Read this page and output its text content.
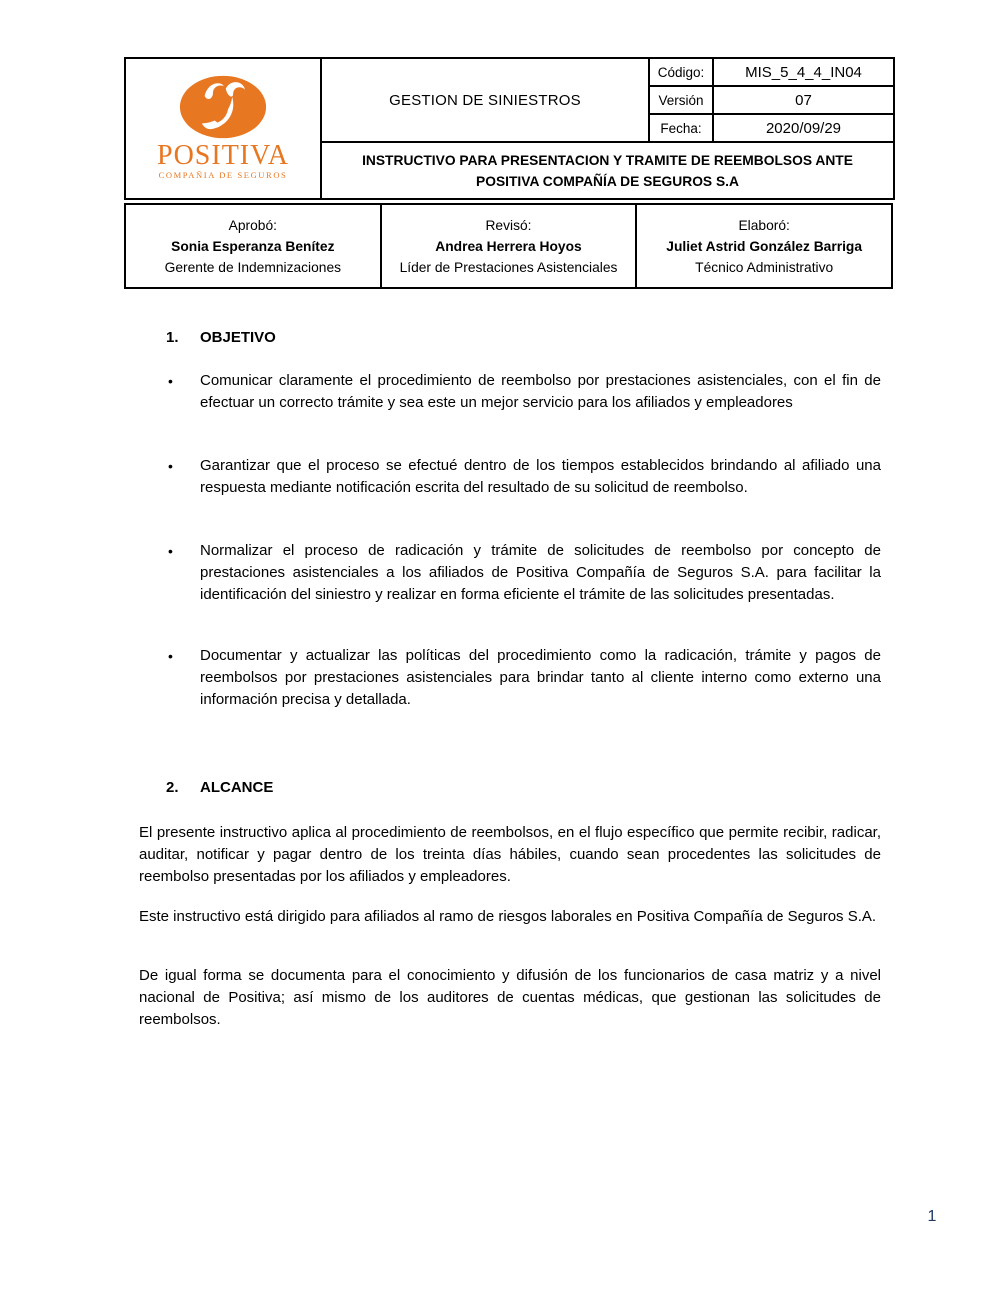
POSITIVA
COMPAÑIA DE SEGUROS	GESTION DE SINIESTROS	Código:	MIS_5_4_4_IN04
		Versión	07
		Fecha:	2020/09/29
	INSTRUCTIVO PARA PRESENTACION Y TRAMITE DE REEMBOLSOS ANTE POSITIVA COMPAÑÍA DE SEGUROS S.A		
Aprobó:
Sonia Esperanza Benítez
Gerente de Indemnizaciones

Revisó:
Andrea Herrera Hoyos
Líder de Prestaciones Asistenciales

Elaboró:
Juliet Astrid González Barriga
Técnico Administrativo
1.	OBJETIVO
•	Comunicar claramente el procedimiento de reembolso por prestaciones asistenciales, con el fin de efectuar un correcto trámite y sea este un mejor servicio para los afiliados y empleadores
•	Garantizar que el proceso se efectué dentro de los tiempos establecidos brindando al afiliado una respuesta mediante notificación escrita del resultado de su solicitud de reembolso.
•	Normalizar el proceso de radicación y trámite de solicitudes de reembolso por concepto de prestaciones asistenciales a los afiliados de Positiva Compañía de Seguros S.A. para facilitar la identificación del siniestro y realizar en forma eficiente el trámite de las solicitudes presentadas.
•	Documentar y actualizar las políticas del procedimiento como la radicación, trámite y pagos de reembolsos por prestaciones asistenciales para brindar tanto al cliente interno como externo una información precisa y detallada.
2.	ALCANCE
El presente instructivo aplica al procedimiento de reembolsos, en el flujo específico que permite recibir, radicar, auditar, notificar y pagar dentro de los treinta días hábiles, cuando sean procedentes las solicitudes de reembolso presentadas por los afiliados y empleadores.
Este instructivo está dirigido para afiliados al ramo de riesgos laborales en Positiva Compañía de Seguros S.A.
De igual forma se documenta para el conocimiento y difusión de los funcionarios de casa matriz y a nivel nacional de Positiva; así mismo de los auditores de cuentas médicas, que gestionan las solicitudes de reembolsos.
1
